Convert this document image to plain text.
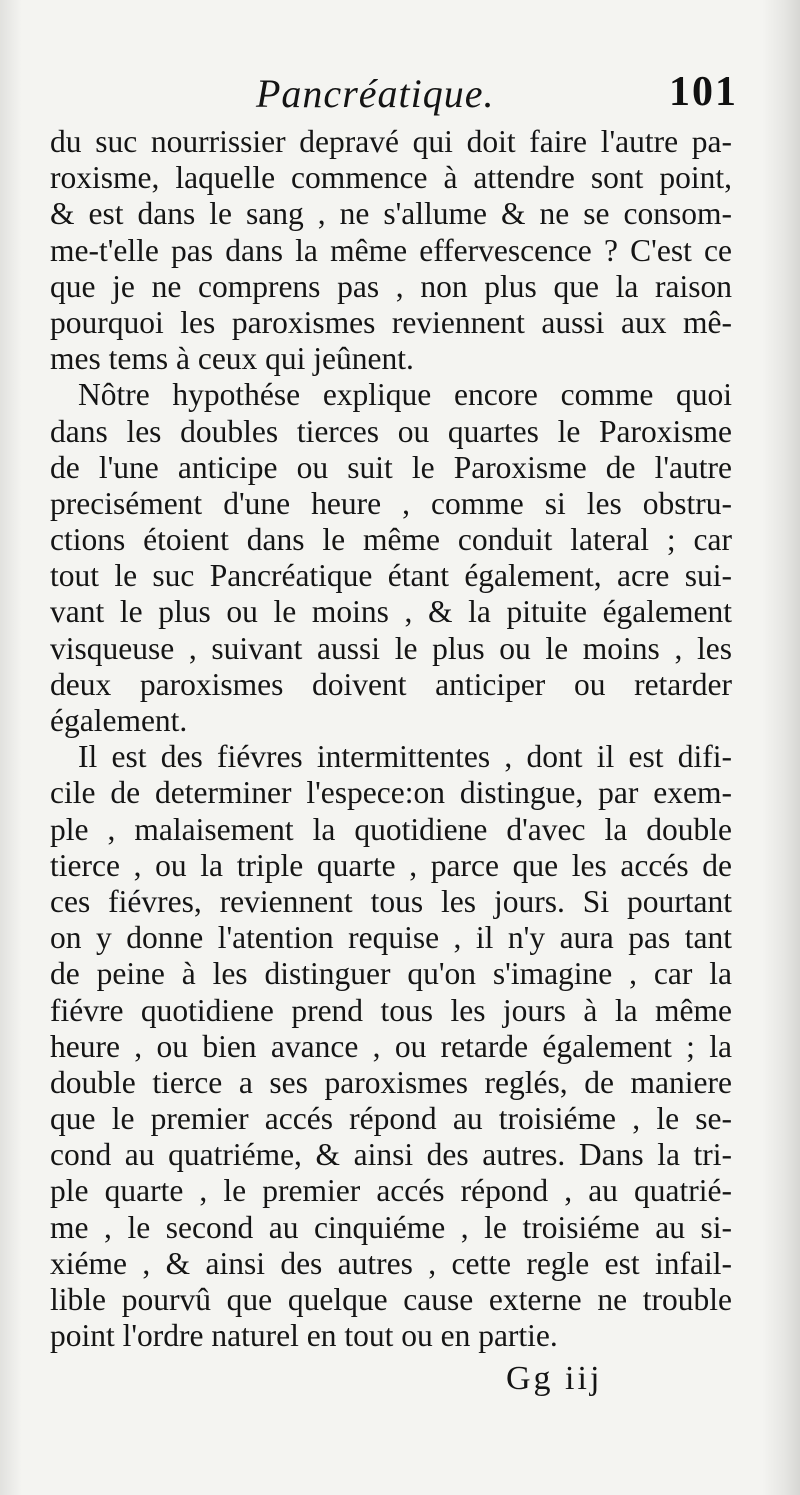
Pancréatique.	101
du suc nourrissier depravé qui doit faire l'autre pa-
roxisme, laquelle commence à attendre sont point,
& est dans le sang , ne s'allume & ne se consom-
me-t'elle pas dans la même effervescence ? C'est ce
que je ne comprens pas , non plus que la raison
pourquoi les paroxismes reviennent aussi aux mê-
mes tems à ceux qui jeûnent.
Nôtre hypothése explique encore comme quoi
dans les doubles tierces ou quartes le Paroxisme
de l'une anticipe ou suit le Paroxisme de l'autre
precisément d'une heure , comme si les obstru-
ctions étoient dans le même conduit lateral ; car
tout le suc Pancréatique étant également, acre sui-
vant le plus ou le moins , & la pituite également
visqueuse , suivant aussi le plus ou le moins , les
deux paroxismes doivent anticiper ou retarder
également.
Il est des fiévres intermittentes , dont il est difi-
cile de determiner l'espece:on distingue, par exem-
ple , malaisement la quotidiene d'avec la double
tierce , ou la triple quarte , parce que les accés de
ces fiévres, reviennent tous les jours. Si pourtant
on y donne l'atention requise , il n'y aura pas tant
de peine à les distinguer qu'on s'imagine , car la
fiévre quotidiene prend tous les jours à la même
heure , ou bien avance , ou retarde également ; la
double tierce a ses paroxismes reglés, de maniere
que le premier accés répond au troisiéme , le se-
cond au quatriéme, & ainsi des autres. Dans la tri-
ple quarte , le premier accés répond , au quatrié-
me , le second au cinquiéme , le troisiéme au si-
xiéme , & ainsi des autres , cette regle est infail-
lible pourvû que quelque cause externe ne trouble
point l'ordre naturel en tout ou en partie.
Gg iij
